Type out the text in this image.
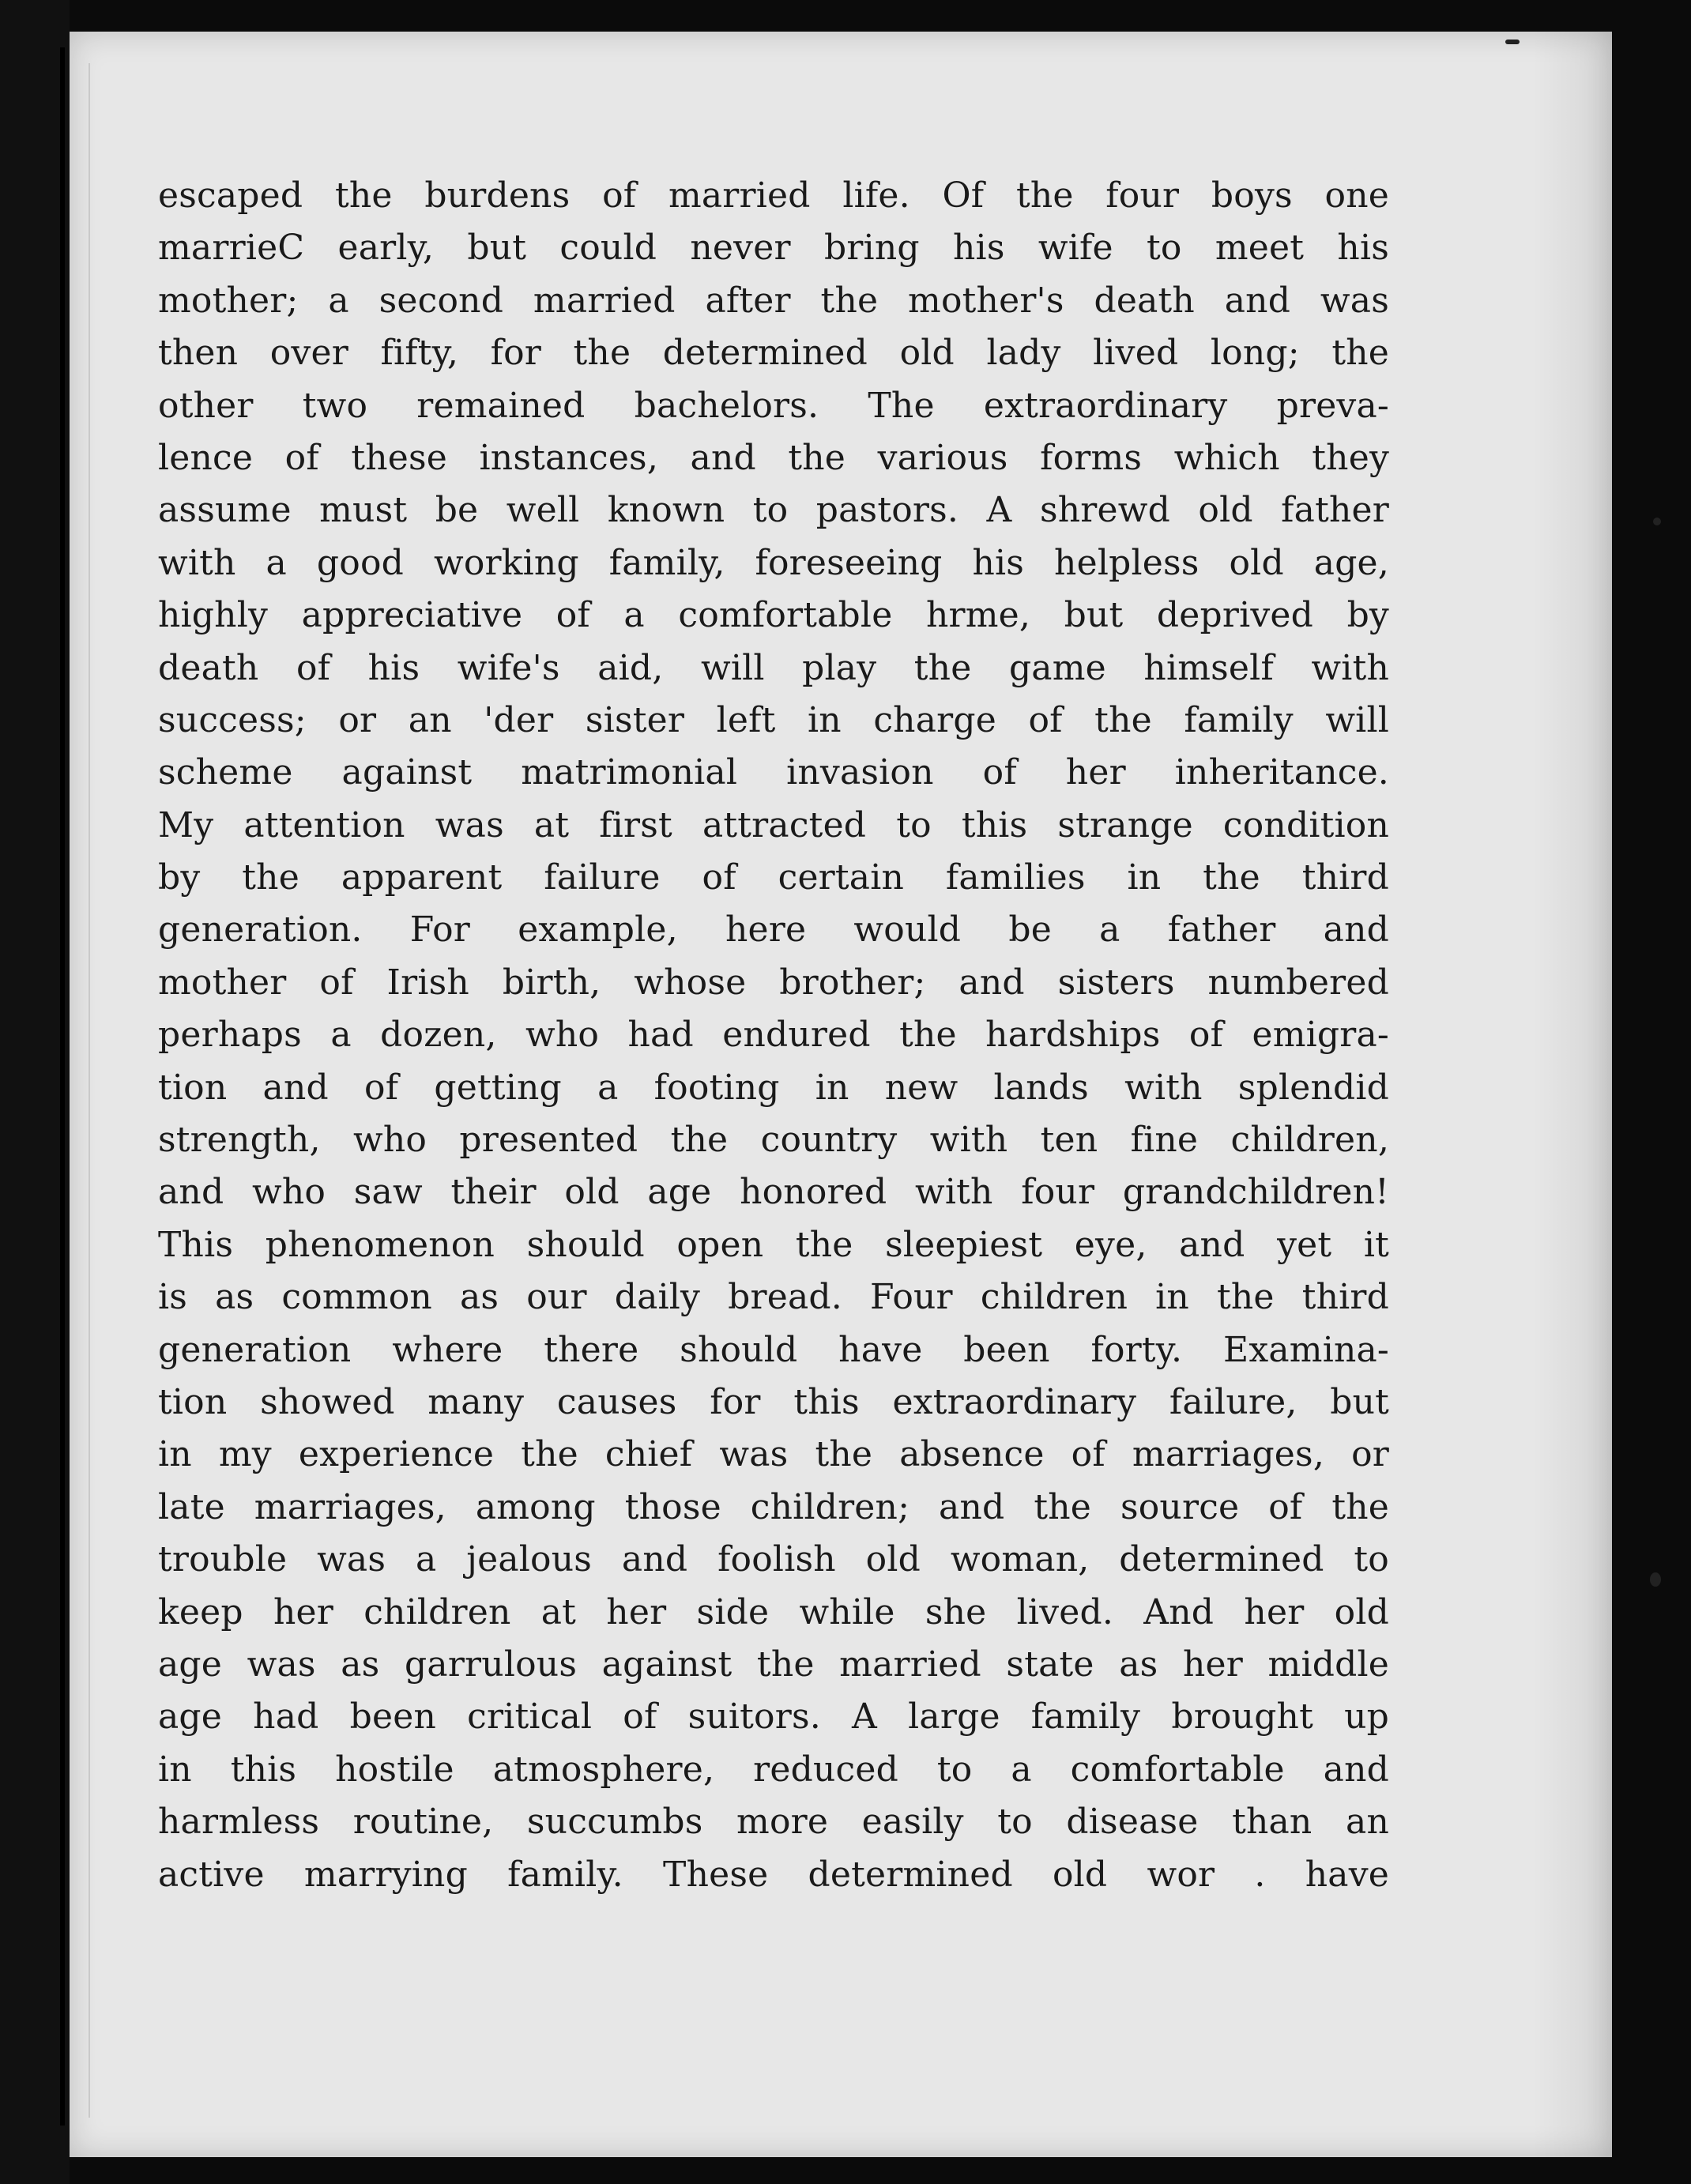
escaped the burdens of married life. Of the four boys one
marrieC early, but could never bring his wife to meet his
mother; a second married after the mother's death and was
then over fifty, for the determined old lady lived long; the
other two remained bachelors. The extraordinary preva-
lence of these instances, and the various forms which they
assume must be well known to pastors. A shrewd old father
with a good working family, foreseeing his helpless old age,
highly appreciative of a comfortable hrme, but deprived by
death of his wife's aid, will play the game himself with
success; or an 'der sister left in charge of the family will
scheme against matrimonial invasion of her inheritance.
My attention was at first attracted to this strange condition
by the apparent failure of certain families in the third
generation. For example, here would be a father and
mother of Irish birth, whose brother; and sisters numbered
perhaps a dozen, who had endured the hardships of emigra-
tion and of getting a footing in new lands with splendid
strength, who presented the country with ten fine children,
and who saw their old age honored with four grandchildren!
This phenomenon should open the sleepiest eye, and yet it
is as common as our daily bread. Four children in the third
generation where there should have been forty. Examina-
tion showed many causes for this extraordinary failure, but
in my experience the chief was the absence of marriages, or
late marriages, among those children; and the source of the
trouble was a jealous and foolish old woman, determined to
keep her children at her side while she lived. And her old
age was as garrulous against the married state as her middle
age had been critical of suitors. A large family brought up
in this hostile atmosphere, reduced to a comfortable and
harmless routine, succumbs more easily to disease than an
active marrying family. These determined old wor . have
